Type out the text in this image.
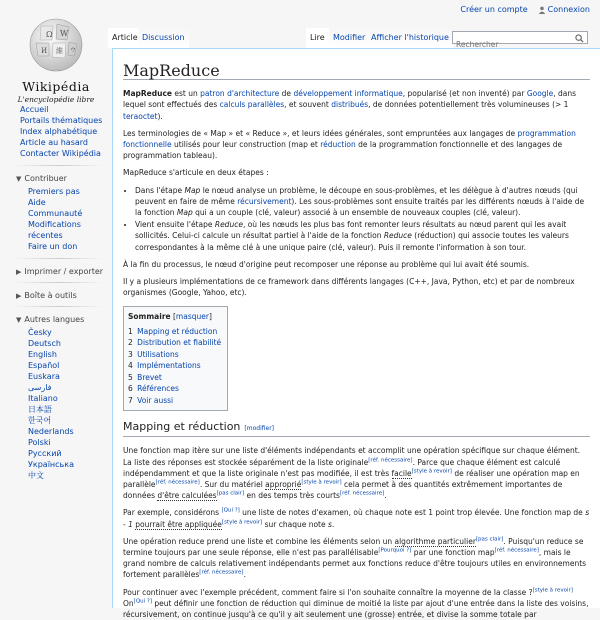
Créer un compte	Connexion
Ω W
И 維 ウ
Wikipédia
L'encyclopédie libre
Accueil
Portails thématiques
Index alphabétique
Article au hasard
Contacter Wikipédia
▼ Contribuer
Premiers pas
Aide
Communauté
Modifications récentes
Faire un don
▶ Imprimer / exporter
▶ Boîte à outils
▼ Autres langues
Česky
Deutsch
English
Español
Euskara
فارسی
Italiano
日本語
한국어
Nederlands
Polski
Русский
Українська
中文
Article Discussion	Lire	Modifier Afficher l'historique
Rechercher
MapReduce

MapReduce est un patron d'architecture de développement informatique, popularisé (et non inventé) par Google, dans lequel sont effectués des calculs parallèles, et souvent distribués, de données potentiellement très volumineuses (> 1 teraoctet).

Les terminologies de « Map » et « Reduce », et leurs idées générales, sont empruntées aux langages de programmation fonctionnelle utilisés pour leur construction (map et réduction de la programmation fonctionnelle et des langages de programmation tableau).

MapReduce s'articule en deux étapes :

• Dans l'étape Map le nœud analyse un problème, le découpe en sous-problèmes, et les délègue à d'autres nœuds (qui peuvent en faire de même récursivement). Les sous-problèmes sont ensuite traités par les différents nœuds à l'aide de la fonction Map qui a un couple (clé, valeur) associé à un ensemble de nouveaux couples (clé, valeur).
• Vient ensuite l'étape Reduce, où les nœuds les plus bas font remonter leurs résultats au nœud parent qui les avait sollicités. Celui-ci calcule un résultat partiel à l'aide de la fonction Reduce (réduction) qui associe toutes les valeurs correspondantes à la même clé à une unique paire (clé, valeur). Puis il remonte l'information à son tour.

À la fin du processus, le nœud d'origine peut recomposer une réponse au problème qui lui avait été soumis.

Il y a plusieurs implémentations de ce framework dans différents langages (C++, Java, Python, etc) et par de nombreux organismes (Google, Yahoo, etc).

Sommaire [masquer]
1 Mapping et réduction
2 Distribution et fiabilité
3 Utilisations
4 Implémentations
5 Brevet
6 Références
7 Voir aussi
Mapping et réduction [modifier]

Une fonction map itère sur une liste d'éléments indépendants et accomplit une opération spécifique sur chaque élément. La liste des réponses est stockée séparément de la liste originale[réf. nécessaire]. Parce que chaque élément est calculé indépendamment et que la liste originale n'est pas modifiée, il est très facile[style à revoir] de réaliser une opération map en parallèle[réf. nécessaire]. Sur du matériel approprié[style à revoir] cela permet à des quantités extrêmement importantes de données d'être calculées[pas clair] en des temps très courts[réf. nécessaire].

Par exemple, considérons [Qui ?] une liste de notes d'examen, où chaque note est 1 point trop élevée. Une fonction map de s - 1 pourrait être appliquée[style à revoir] sur chaque note s.

Une opération reduce prend une liste et combine les éléments selon un algorithme particulier[pas clair]. Puisqu'un reduce se termine toujours par une seule réponse, elle n'est pas parallélisable[Pourquoi ?] par une fonction map[réf. nécessaire], mais le grand nombre de calculs relativement indépendants permet aux fonctions reduce d'être toujours utiles en environnements fortement parallèles[réf. nécessaire].

Pour continuer avec l'exemple précédent, comment faire si l'on souhaite connaître la moyenne de la classe ?[style à revoir] On[Qui ?] peut définir une fonction de réduction qui diminue de moitié la liste par ajout d'une entrée dans la liste des voisins, récursivement, on continue jusqu'à ce qu'il y ait seulement une (grosse) entrée, et divise la somme totale par
